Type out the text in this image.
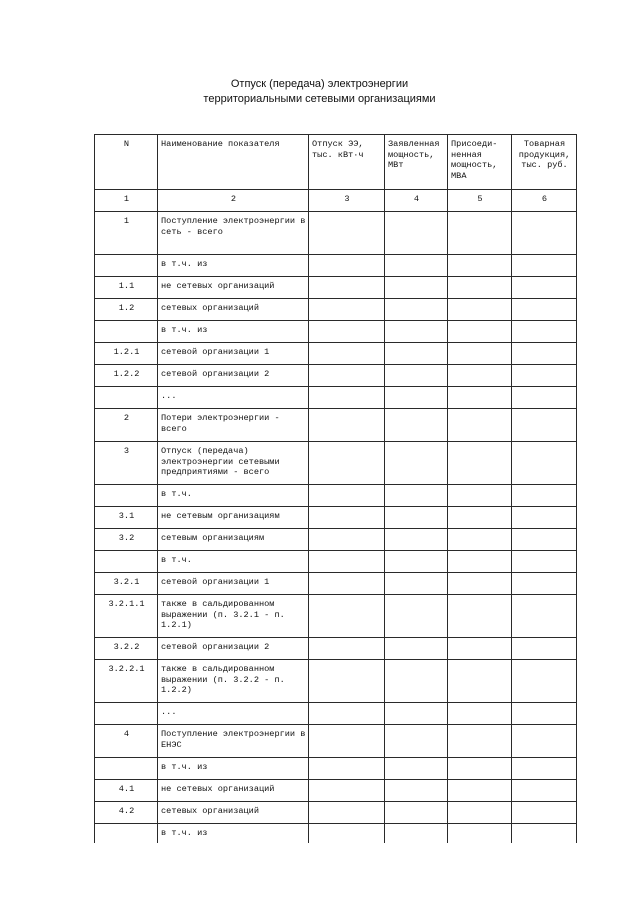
Отпуск (передача) электроэнергии
территориальными сетевыми организациями
N	Наименование показателя	Отпуск ЭЭ, тыс. кВт·ч	Заявленная мощность, МВт	Присоеди-ненная мощность, МВА	Товарная продукция, тыс. руб.
1	2	3	4	5	6
1	Поступление электроэнергии в сеть - всего				
	в т.ч. из				
1.1	не сетевых организаций				
1.2	сетевых организаций				
	в т.ч. из				
1.2.1	сетевой организации 1				
1.2.2	сетевой организации 2				
	...				
2	Потери электроэнергии - всего				
3	Отпуск (передача) электроэнергии сетевыми предприятиями - всего				
	в т.ч.				
3.1	не сетевым организациям				
3.2	сетевым организациям				
	в т.ч.				
3.2.1	сетевой организации 1				
3.2.1.1	также в сальдированном выражении (п. 3.2.1 - п. 1.2.1)				
3.2.2	сетевой организации 2				
3.2.2.1	также в сальдированном выражении (п. 3.2.2 - п. 1.2.2)				
	...				
4	Поступление электроэнергии в ЕНЭС				
	в т.ч. из				
4.1	не сетевых организаций				
4.2	сетевых организаций				
	в т.ч. из				
